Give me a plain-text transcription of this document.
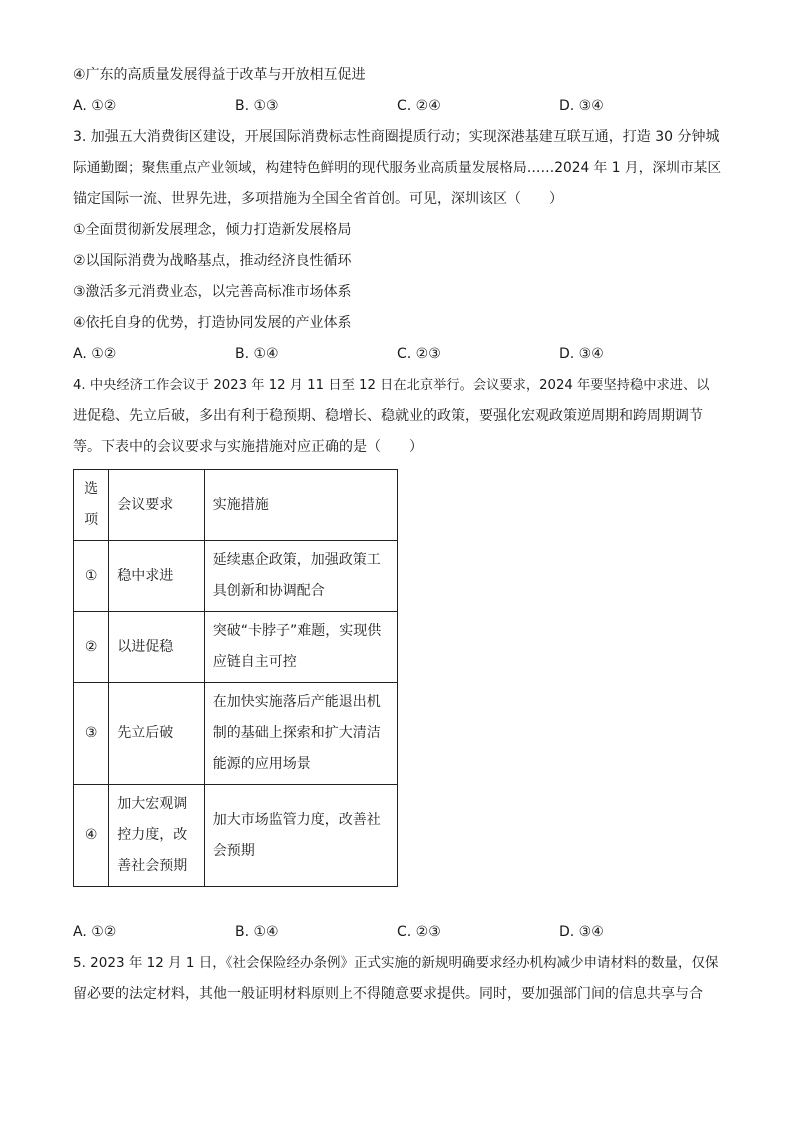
④广东的高质量发展得益于改革与开放相互促进
A. ①②	B. ①③	C. ②④	D. ③④
3. 加强五大消费街区建设，开展国际消费标志性商圈提质行动；实现深港基建互联互通，打造 30 分钟城
际通勤圈；聚焦重点产业领域，构建特色鲜明的现代服务业高质量发展格局……2024 年 1 月，深圳市某区
锚定国际一流、世界先进，多项措施为全国全省首创。可见，深圳该区（　　）
①全面贯彻新发展理念，倾力打造新发展格局
②以国际消费为战略基点，推动经济良性循环
③激活多元消费业态，以完善高标准市场体系
④依托自身的优势，打造协同发展的产业体系
A. ①②	B. ①④	C. ②③	D. ③④
4. 中央经济工作会议于 2023 年 12 月 11 日至 12 日在北京举行。会议要求，2024 年要坚持稳中求进、以
进促稳、先立后破，多出有利于稳预期、稳增长、稳就业的政策，要强化宏观政策逆周期和跨周期调节
等。下表中的会议要求与实施措施对应正确的是（　　）
选项	会议要求	实施措施
①	稳中求进	延续惠企政策，加强政策工具创新和协调配合
②	以进促稳	突破“卡脖子”难题，实现供应链自主可控
③	先立后破	在加快实施落后产能退出机制的基础上探索和扩大清洁能源的应用场景
④	加大宏观调控力度，改善社会预期	加大市场监管力度，改善社会预期
A. ①②	B. ①④	C. ②③	D. ③④
5. 2023 年 12 月 1 日，《社会保险经办条例》正式实施的新规明确要求经办机构减少申请材料的数量，仅保
留必要的法定材料，其他一般证明材料原则上不得随意要求提供。同时，要加强部门间的信息共享与合
